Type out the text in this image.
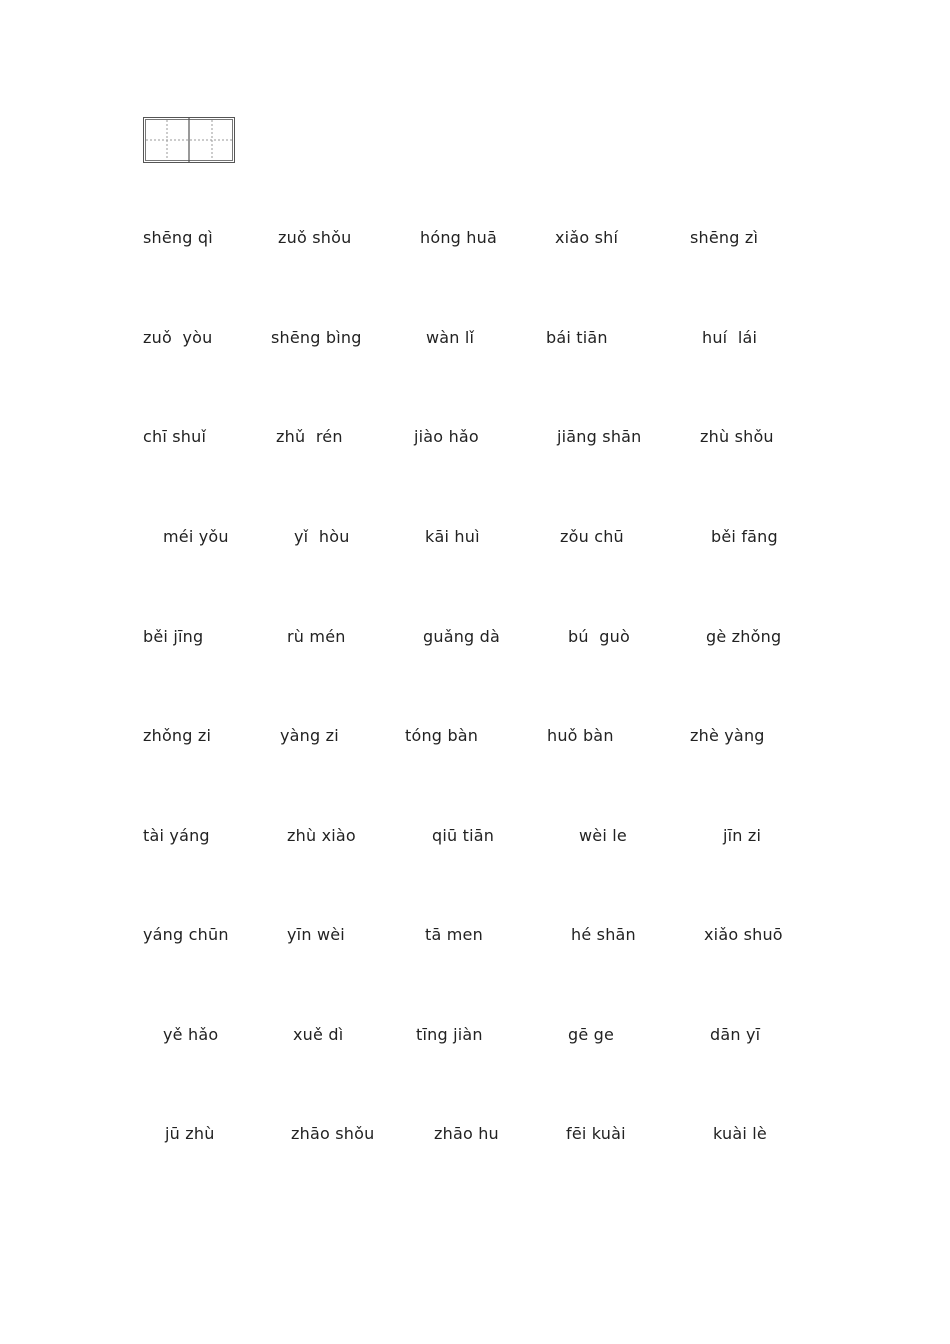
shēng qì	zuǒ shǒu	hóng huā	xiǎo shí	shēng zì
zuǒ  yòu	shēng bìng	wàn lǐ	bái tiān	huí  lái
chī shuǐ	zhǔ  rén	jiào hǎo	jiāng shān	zhù shǒu
méi yǒu	yǐ  hòu	kāi huì	zǒu chū	běi fāng
běi jīng	rù mén	guǎng dà	bú  guò	gè zhǒng
zhǒng zi	yàng zi	tóng bàn	huǒ bàn	zhè yàng
tài yáng	zhù xiào	qiū tiān	wèi le	jīn zi
yáng chūn	yīn wèi	tā men	hé shān	xiǎo shuō
yě hǎo	xuě dì	tīng jiàn	gē ge	dān yī
jū zhù	zhāo shǒu	zhāo hu	fēi kuài	kuài lè
